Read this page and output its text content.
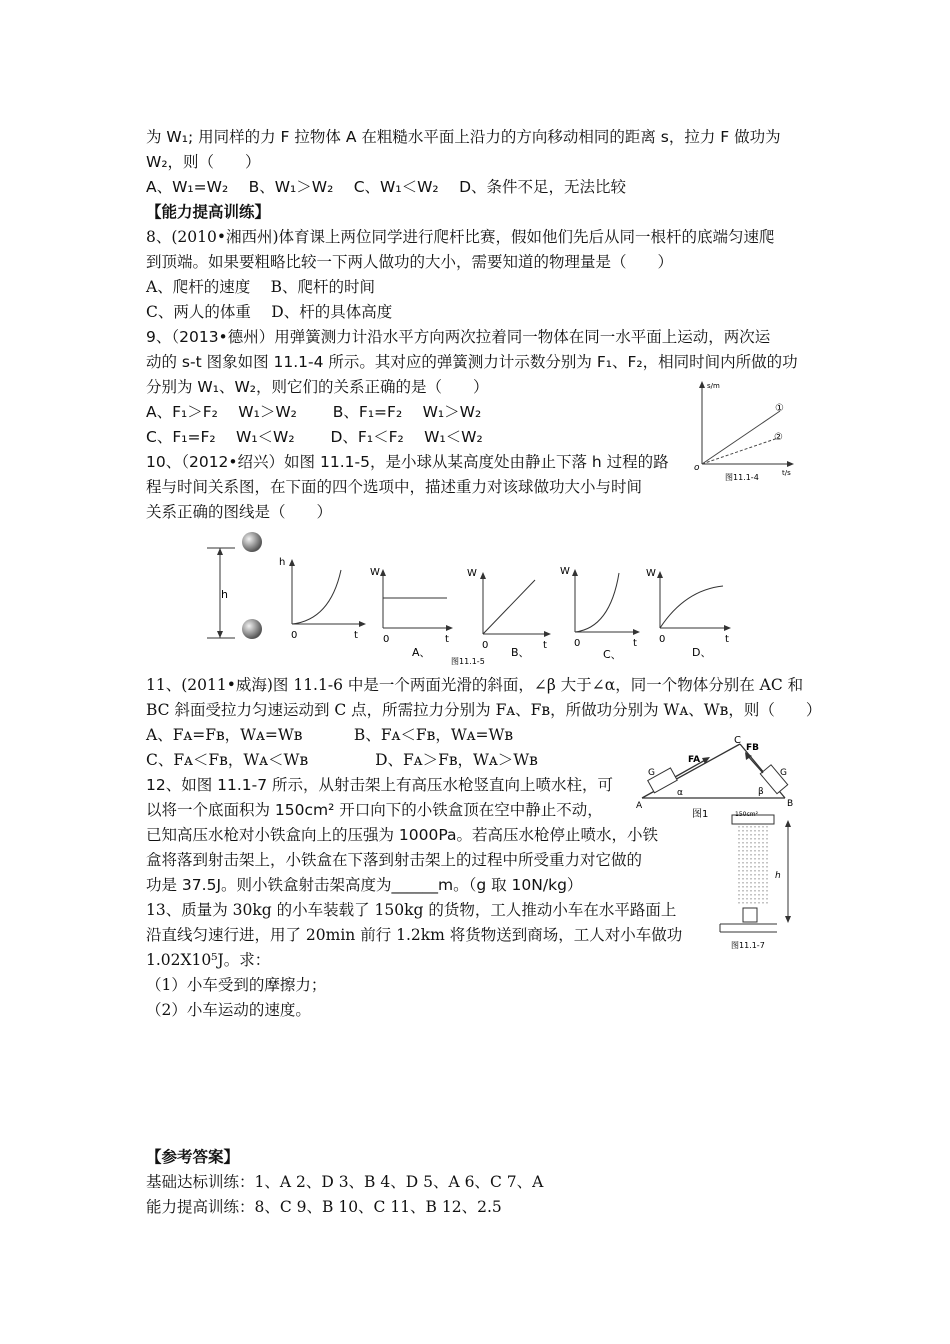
为 W₁; 用同样的力 F 拉物体 A 在粗糙水平面上沿力的方向移动相同的距离 s，拉力 F 做功为
W₂，则（　　）
A、W₁=W₂　 B、W₁＞W₂　 C、W₁＜W₂　 D、条件不足，无法比较
【能力提高训练】
8、(2010•湘西州)体育课上两位同学进行爬杆比赛，假如他们先后从同一根杆的底端匀速爬
到顶端。如果要粗略比较一下两人做功的大小，需要知道的物理量是（　　）
A、爬杆的速度　 B、爬杆的时间
C、两人的体重　 D、杆的具体高度
9、（2013•德州）用弹簧测力计沿水平方向两次拉着同一物体在同一水平面上运动，两次运
动的 s-t 图象如图 11.1-4 所示。其对应的弹簧测力计示数分别为 F₁、F₂，相同时间内所做的功
分别为 W₁、W₂，则它们的关系正确的是（　　）
A、F₁＞F₂　 W₁＞W₂　　 B、F₁=F₂　 W₁＞W₂
C、F₁=F₂　 W₁＜W₂　　 D、F₁＜F₂　 W₁＜W₂
10、（2012•绍兴）如图 11.1-5，是小球从某高度处由静止下落 h 过程的路
程与时间关系图，在下面的四个选项中，描述重力对该球做功大小与时间
关系正确的图线是（　　）
11、(2011•威海)图 11.1-6 中是一个两面光滑的斜面，∠β 大于∠α，同一个物体分别在 AC 和
BC 斜面受拉力匀速运动到 C 点，所需拉力分别为 Fᴀ、Fʙ，所做功分别为 Wᴀ、Wʙ，则（　　）
A、Fᴀ=Fʙ，Wᴀ=Wʙ　　　 B、Fᴀ＜Fʙ，Wᴀ=Wʙ
C、Fᴀ＜Fʙ，Wᴀ＜Wʙ　　　　 D、Fᴀ＞Fʙ，Wᴀ＞Wʙ
12、如图 11.1-7 所示，从射击架上有高压水枪竖直向上喷水柱，可
以将一个底面积为 150cm² 开口向下的小铁盒顶在空中静止不动，
已知高压水枪对小铁盒向上的压强为 1000Pa。若高压水枪停止喷水，小铁
盒将落到射击架上，小铁盒在下落到射击架上的过程中所受重力对它做的
功是 37.5J。则小铁盒射击架高度为______m。（g 取 10N/kg）
13、质量为 30kg 的小车装载了 150kg 的货物，工人推动小车在水平路面上
沿直线匀速行进，用了 20min 前行 1.2km 将货物送到商场，工人对小车做功
1.02X10⁵J。求：
（1）小车受到的摩擦力；
（2）小车运动的速度。
【参考答案】
基础达标训练：1、A 2、D 3、B 4、D 5、A 6、C 7、A
能力提高训练：8、C 9、B 10、C 11、B 12、2.5
s/m
t/s
o
①
②
图11.1-4
h
h
0	t
W
0	t
A、
W
0	t
B、
W
0	t
C、
W
0	t
D、
图11.1-5
C
FA
FB
G	G
A	B
α	β
图1	150cm²
h
图11.1-7
